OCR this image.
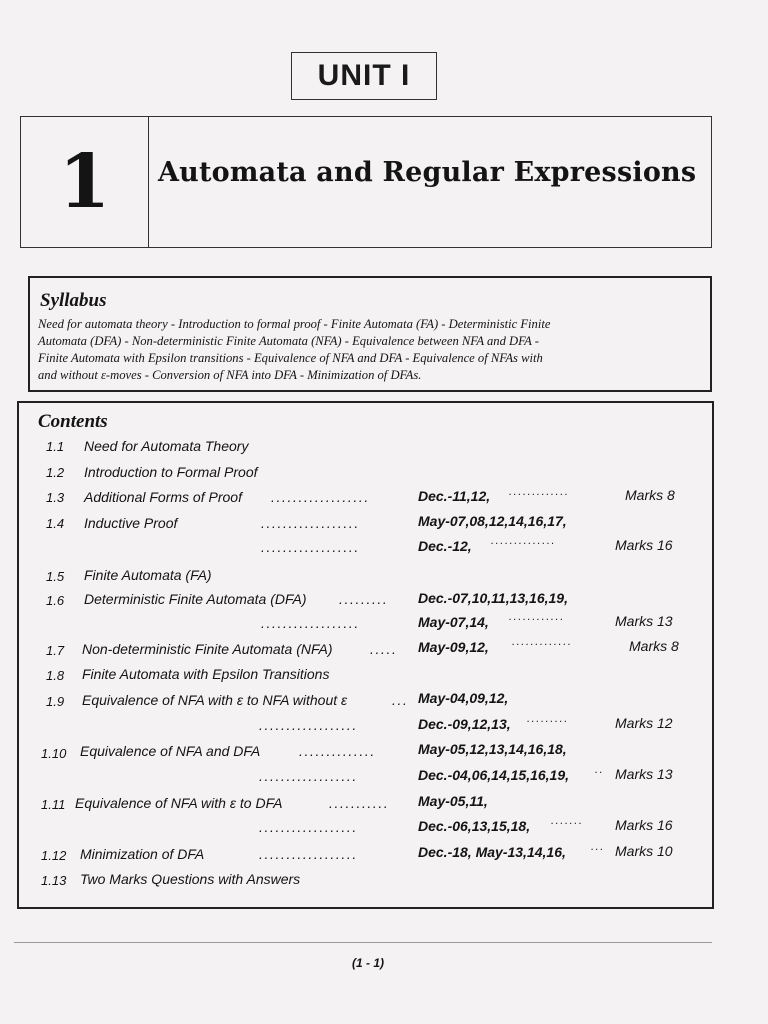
UNIT I
1	Automata and Regular Expressions
Syllabus
Need for automata theory - Introduction to formal proof - Finite Automata (FA) - Deterministic Finite
Automata (DFA) - Non-deterministic Finite Automata (NFA) - Equivalence between NFA and DFA -
Finite Automata with Epsilon transitions - Equivalence of NFA and DFA - Equivalence of NFAs with
and without ε-moves - Conversion of NFA into DFA - Minimization of DFAs.
Contents
1.1 Need for Automata Theory
1.2 Introduction to Formal Proof
1.3 Additional Forms of Proof ..................	Dec.-11,12, .............	Marks 8
1.4 Inductive Proof	..................	May-07,08,12,14,16,17,
..................	Dec.-12, ..............	Marks 16
1.5 Finite Automata (FA)
1.6 Deterministic Finite Automata (DFA) ......... Dec.-07,10,11,13,16,19,
..................	May-07,14, ............	Marks 13
1.7 Non-deterministic Finite Automata (NFA)	..... May-09,12, .............	Marks 8
1.8 Finite Automata with Epsilon Transitions
1.9 Equivalence of NFA with ε to NFA without ε	... May-04,09,12,
..................	Dec.-09,12,13, .........	Marks 12
1.10 Equivalence of NFA and DFA	..............	May-05,12,13,14,16,18,
..................	Dec.-04,06,14,15,16,19, .. Marks 13
1.11 Equivalence of NFA with ε to DFA	........... May-05,11,
..................	Dec.-06,13,15,18, ....... Marks 16
1.12 Minimization of DFA	..................	Dec.-18, May-13,14,16, ... Marks 10
1.13 Two Marks Questions with Answers
(1 - 1)
